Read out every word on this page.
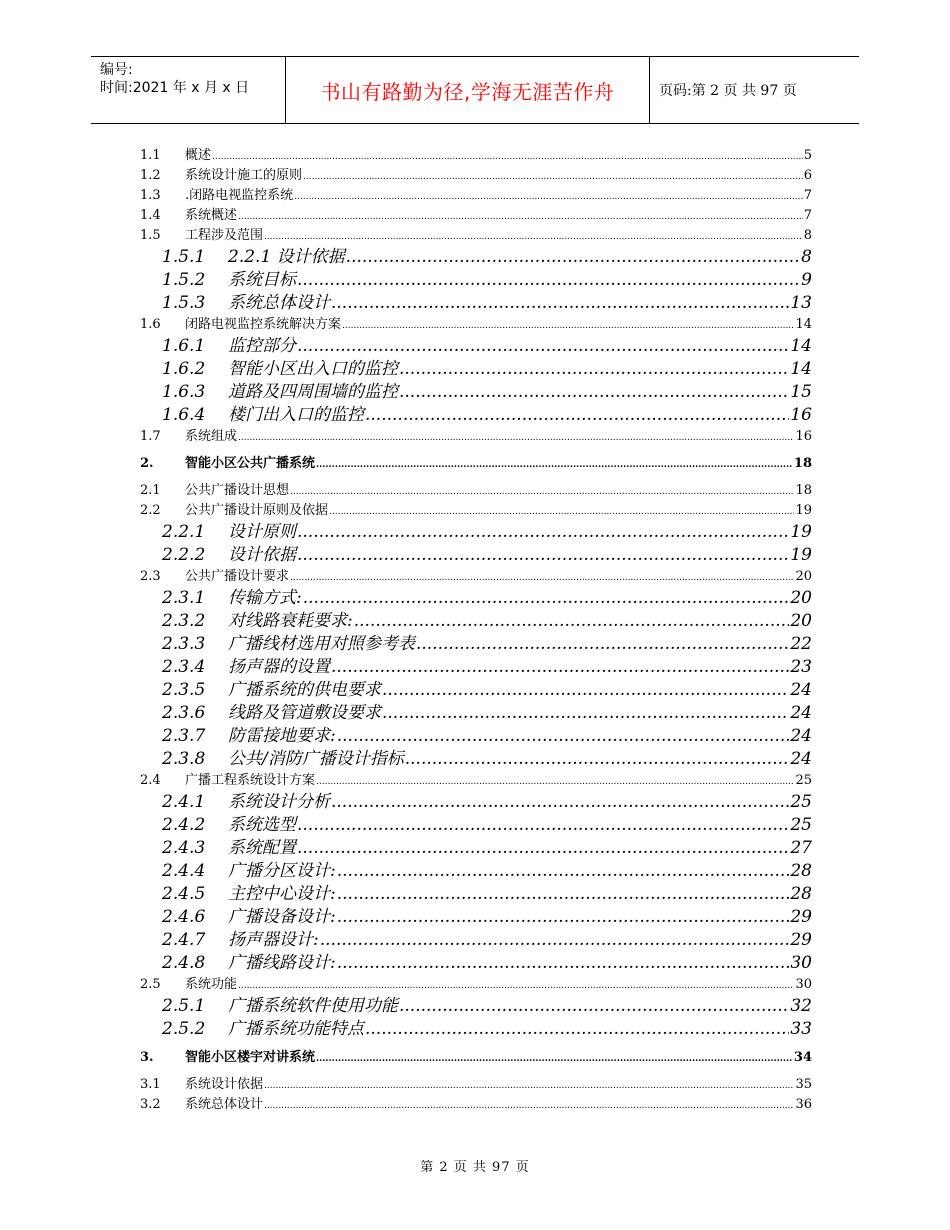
编号:
时间:2021 年 x 月 x 日	书山有路勤为径,学海无涯苦作舟	页码:第 2 页 共 97 页
1.1	概述 .....	5
1.2	系统设计施工的原则 .....	6
1.3	.闭路电视监控系统 .....	7
1.4	系统概述 .....	7
1.5	工程涉及范围 .....	8
1.5.1	2.2.1 设计依据 .....	8
1.5.2	系统目标 .....	9
1.5.3	系统总体设计 .....	13
1.6	闭路电视监控系统解决方案 .....	14
1.6.1	监控部分 .....	14
1.6.2	智能小区出入口的监控 .....	14
1.6.3	道路及四周围墙的监控 .....	15
1.6.4	楼门出入口的监控 .....	16
1.7	系统组成 .....	16
2.	智能小区公共广播系统 .....	18
2.1	公共广播设计思想 .....	18
2.2	公共广播设计原则及依据 .....	19
2.2.1	设计原则 .....	19
2.2.2	设计依据 .....	19
2.3	公共广播设计要求 .....	20
2.3.1	传输方式: .....	20
2.3.2	对线路衰耗要求: .....	20
2.3.3	广播线材选用对照参考表 .....	22
2.3.4	扬声器的设置 .....	23
2.3.5	广播系统的供电要求 .....	24
2.3.6	线路及管道敷设要求 .....	24
2.3.7	防雷接地要求: .....	24
2.3.8	公共/消防广播设计指标 .....	24
2.4	广播工程系统设计方案 .....	25
2.4.1	系统设计分析 .....	25
2.4.2	系统选型 .....	25
2.4.3	系统配置 .....	27
2.4.4	广播分区设计: .....	28
2.4.5	主控中心设计: .....	28
2.4.6	广播设备设计: .....	29
2.4.7	扬声器设计: .....	29
2.4.8	广播线路设计: .....	30
2.5	系统功能 .....	30
2.5.1	广播系统软件使用功能 .....	32
2.5.2	广播系统功能特点 .....	33
3.	智能小区楼宇对讲系统 .....	34
3.1	系统设计依据 .....	35
3.2	系统总体设计 .....	36
第 2 页 共 97 页
